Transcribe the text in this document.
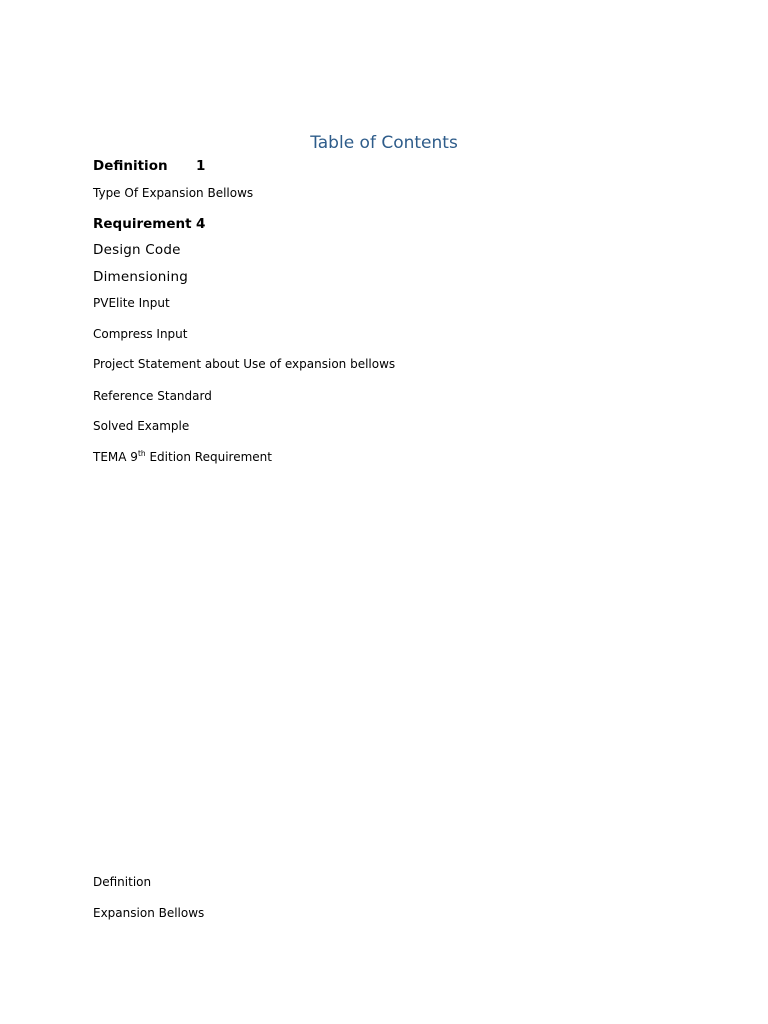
Table of Contents
Definition 1
Type Of Expansion Bellows
Requirement 4
Design Code
Dimensioning
PVElite Input
Compress Input
Project Statement about Use of expansion bellows
Reference Standard
Solved Example
TEMA 9th Edition Requirement
Definition
Expansion Bellows
